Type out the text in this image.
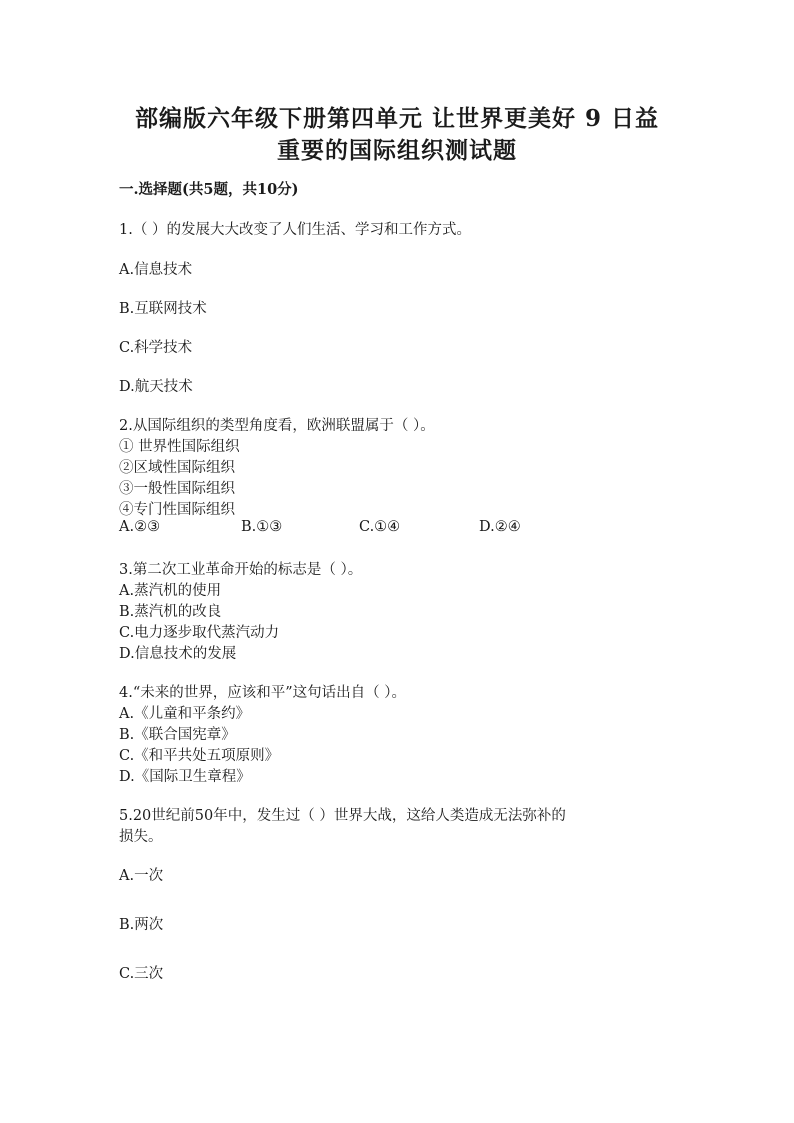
部编版六年级下册第四单元 让世界更美好 9 日益
重要的国际组织测试题
一.选择题(共5题，共10分)
1.（ ）的发展大大改变了人们生活、学习和工作方式。
A.信息技术
B.互联网技术
C.科学技术
D.航天技术
2.从国际组织的类型角度看，欧洲联盟属于（ ）。
① 世界性国际组织
②区域性国际组织
③一般性国际组织
④专门性国际组织
A.②③	B.①③	C.①④	D.②④
3.第二次工业革命开始的标志是（ ）。
A.蒸汽机的使用
B.蒸汽机的改良
C.电力逐步取代蒸汽动力
D.信息技术的发展
4.“未来的世界，应该和平”这句话出自（ ）。
A.《儿童和平条约》
B.《联合国宪章》
C.《和平共处五项原则》
D.《国际卫生章程》
5.20世纪前50年中，发生过（ ）世界大战，这给人类造成无法弥补的
损失。
A.一次
B.两次
C.三次
